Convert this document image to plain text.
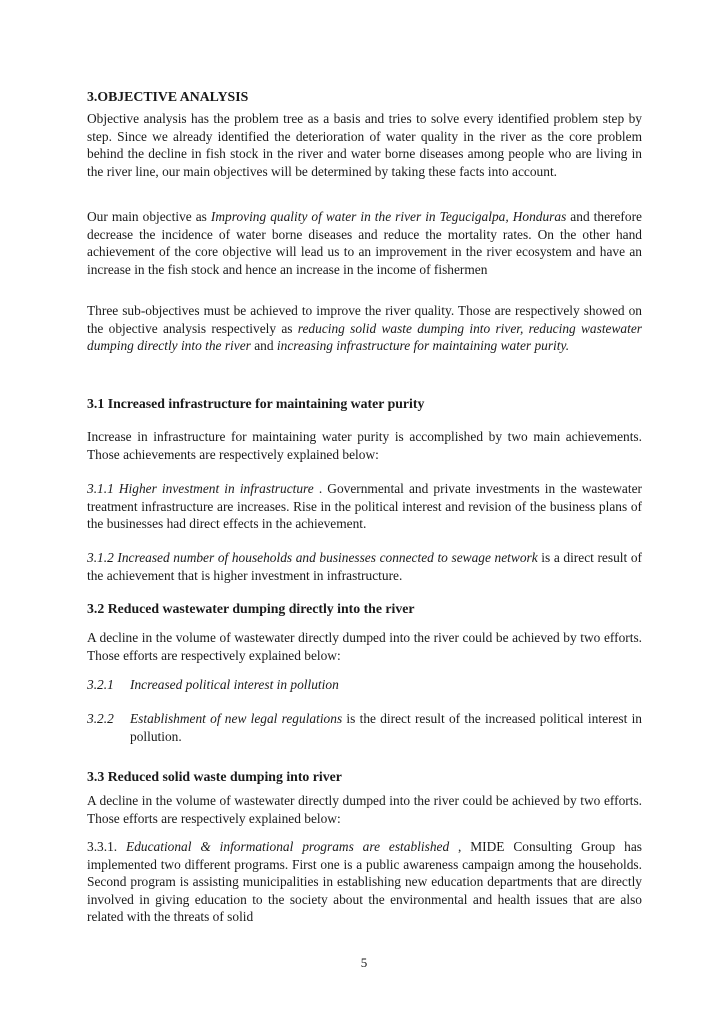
3.OBJECTIVE ANALYSIS

Objective analysis has the problem tree as a basis and tries to solve every identified problem step by step. Since we already identified the deterioration of water quality in the river as the core problem behind the decline in fish stock in the river and water borne diseases among people who are living in the river line, our main objectives will be determined by taking these facts into account.

Our main objective as Improving quality of water in the river in Tegucigalpa, Honduras and therefore decrease the incidence of water borne diseases and reduce the mortality rates. On the other hand achievement of the core objective will lead us to an improvement in the river ecosystem and have an increase in the fish stock and hence an increase in the income of fishermen

Three sub-objectives must be achieved to improve the river quality. Those are respectively showed on the objective analysis respectively as reducing solid waste dumping into river, reducing wastewater dumping directly into the river and increasing infrastructure for maintaining water purity.

3.1 Increased infrastructure for maintaining water purity

Increase in infrastructure for maintaining water purity is accomplished by two main achievements. Those achievements are respectively explained below:

3.1.1 Higher investment in infrastructure . Governmental and private investments in the wastewater treatment infrastructure are increases. Rise in the political interest and revision of the business plans of the businesses had direct effects in the achievement.

3.1.2 Increased number of households and businesses connected to sewage network is a direct result of the achievement that is higher investment in infrastructure.

3.2 Reduced wastewater dumping directly into the river

A decline in the volume of wastewater directly dumped into the river could be achieved by two efforts. Those efforts are respectively explained below:

3.2.1	Increased political interest in pollution
3.2.2	Establishment of new legal regulations is the direct result of the increased political interest in pollution.

3.3 Reduced solid waste dumping into river

A decline in the volume of wastewater directly dumped into the river could be achieved by two efforts. Those efforts are respectively explained below:

3.3.1. Educational & informational programs are established , MIDE Consulting Group has implemented two different programs. First one is a public awareness campaign among the households. Second program is assisting municipalities in establishing new education departments that are directly involved in giving education to the society about the environmental and health issues that are also related with the threats of solid

5
